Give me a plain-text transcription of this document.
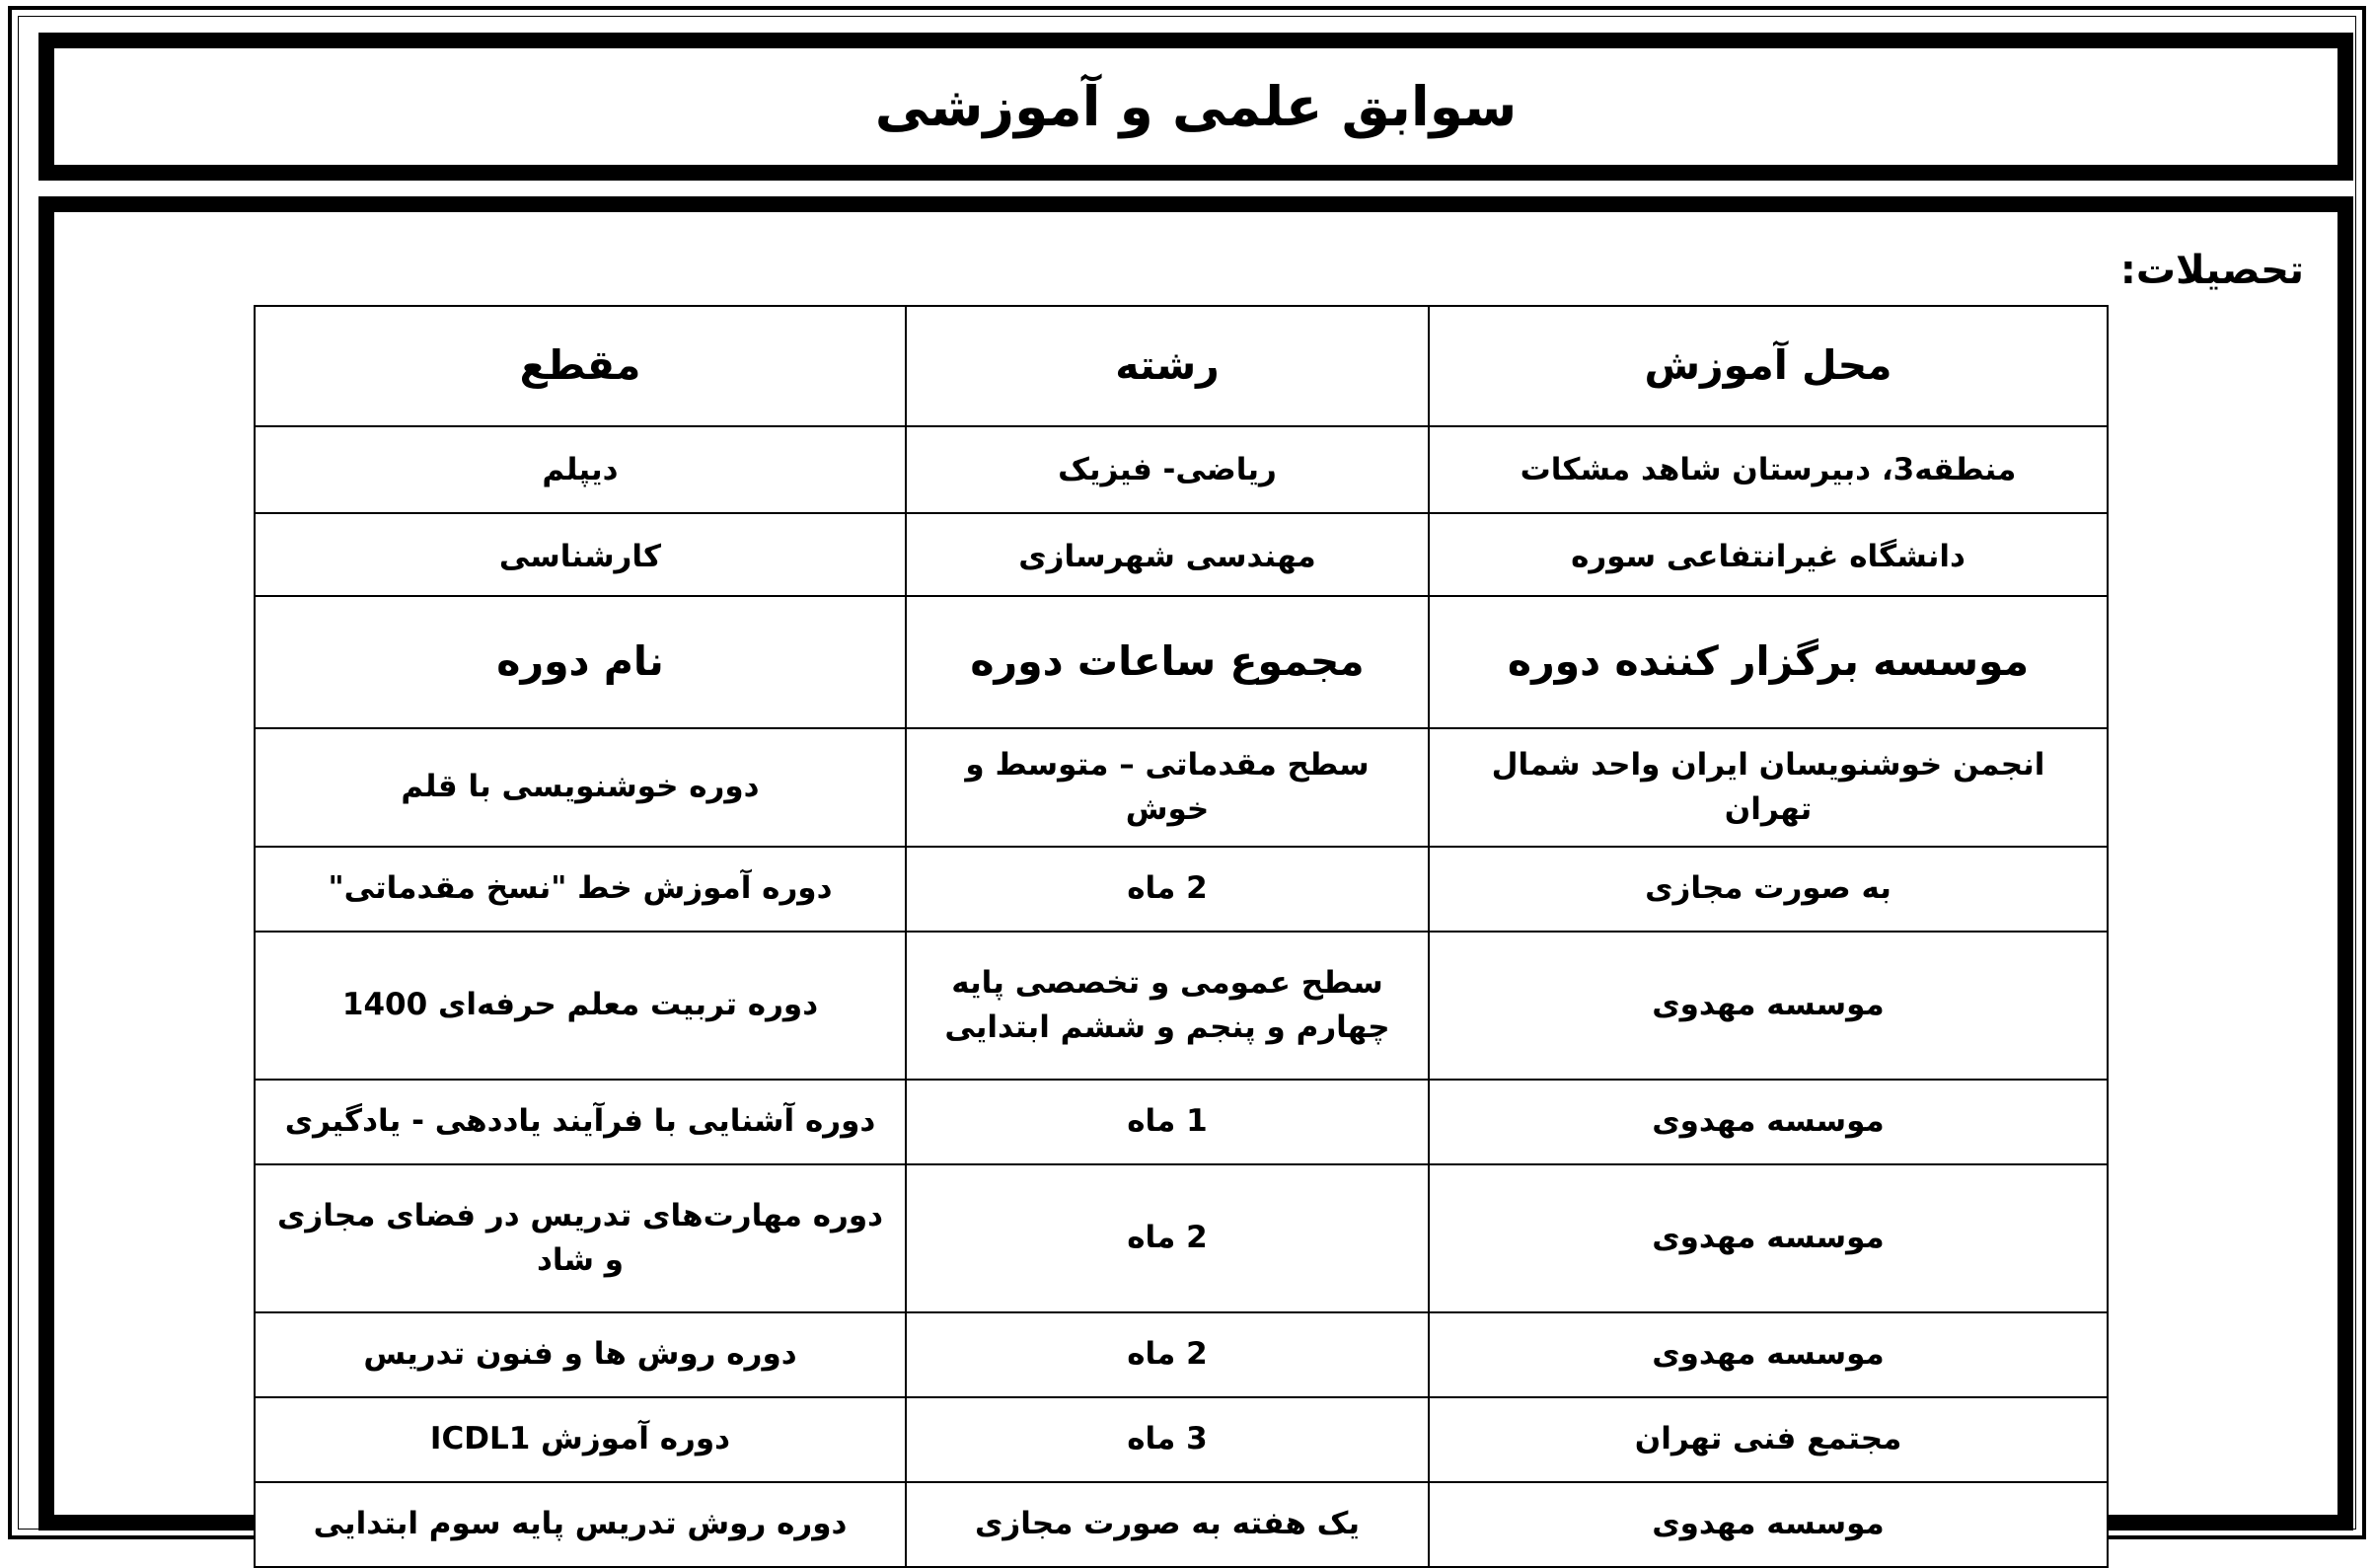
سوابق علمی و آموزشی
تحصیلات:
محل آموزش	رشته	مقطع
منطقه3، دبیرستان شاهد مشکات	ریاضی- فیزیک	دیپلم
دانشگاه غیرانتفاعی سوره	مهندسی شهرسازی	کارشناسی
موسسه برگزار کننده دوره	مجموع ساعات دوره	نام دوره
انجمن خوشنویسان ایران واحد شمال تهران	سطح مقدماتی – متوسط و خوش	دوره خوشنویسی با قلم
به صورت مجازی	2 ماه	دوره آموزش خط "نسخ مقدماتی"
موسسه مهدوی	سطح عمومی و تخصصی پایه چهارم و پنجم و ششم ابتدایی	دوره تربیت معلم حرفه‌ای 1400
موسسه مهدوی	1 ماه	دوره آشنایی با فرآیند یاددهی - یادگیری
موسسه مهدوی	2 ماه	دوره مهارت‌های تدریس در فضای مجازی و شاد
موسسه مهدوی	2 ماه	دوره روش ها و فنون تدریس
مجتمع فنی تهران	3 ماه	دوره آموزش ICDL1
موسسه مهدوی	یک هفته به صورت مجازی	دوره روش تدریس پایه سوم ابتدایی
